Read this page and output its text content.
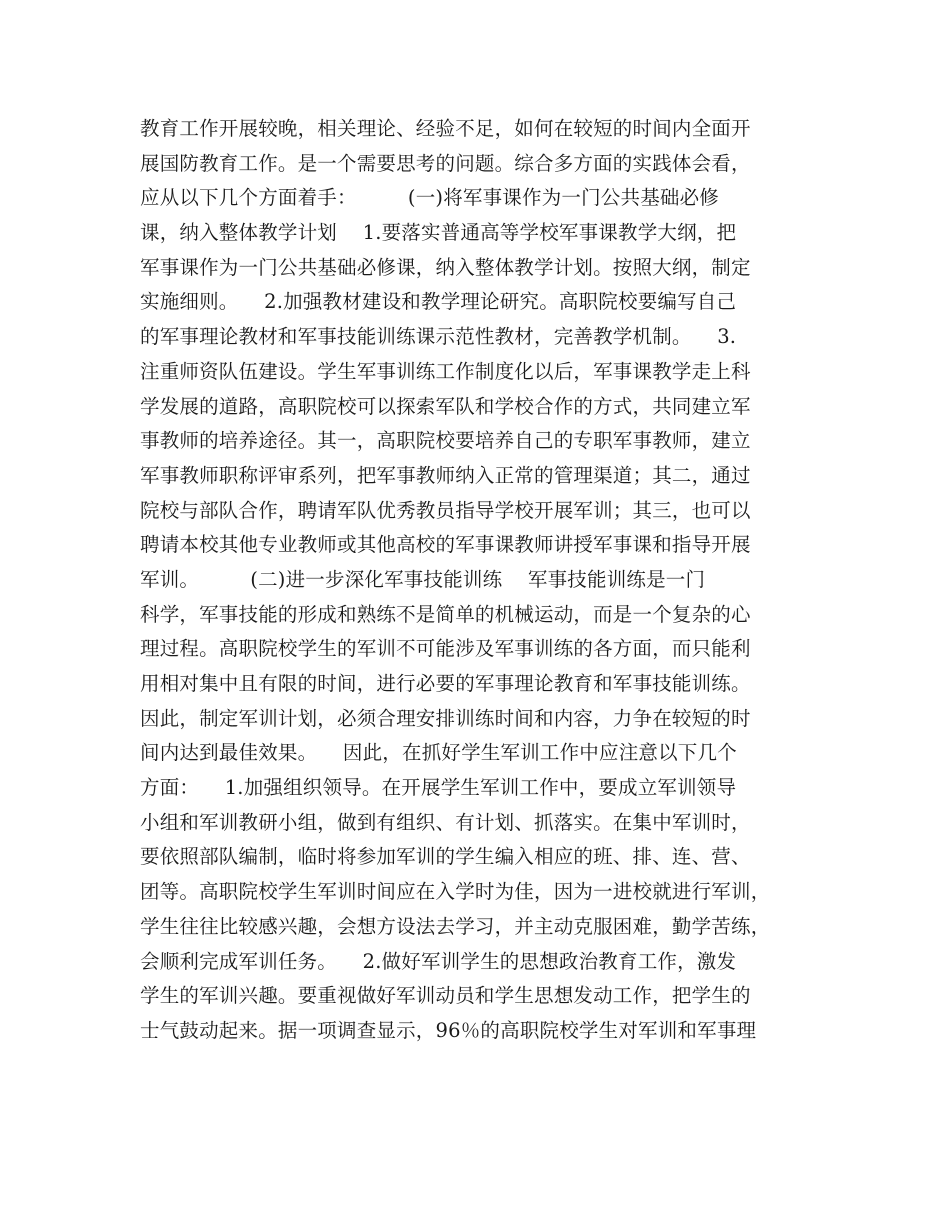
教育工作开展较晚，相关理论、经验不足，如何在较短的时间内全面开
展国防教育工作。是一个需要思考的问题。综合多方面的实践体会看，
应从以下几个方面着手：        (一)将军事课作为一门公共基础必修
课，纳入整体教学计划    1.要落实普通高等学校军事课教学大纲，把
军事课作为一门公共基础必修课，纳入整体教学计划。按照大纲，制定
实施细则。    2.加强教材建设和教学理论研究。高职院校要编写自己
的军事理论教材和军事技能训练课示范性教材，完善教学机制。    3.
注重师资队伍建设。学生军事训练工作制度化以后，军事课教学走上科
学发展的道路，高职院校可以探索军队和学校合作的方式，共同建立军
事教师的培养途径。其一，高职院校要培养自己的专职军事教师，建立
军事教师职称评审系列，把军事教师纳入正常的管理渠道；其二，通过
院校与部队合作，聘请军队优秀教员指导学校开展军训；其三，也可以
聘请本校其他专业教师或其他高校的军事课教师讲授军事课和指导开展
军训。        (二)进一步深化军事技能训练    军事技能训练是一门
科学，军事技能的形成和熟练不是简单的机械运动，而是一个复杂的心
理过程。高职院校学生的军训不可能涉及军事训练的各方面，而只能利
用相对集中且有限的时间，进行必要的军事理论教育和军事技能训练。
因此，制定军训计划，必须合理安排训练时间和内容，力争在较短的时
间内达到最佳效果。    因此，在抓好学生军训工作中应注意以下几个
方面：    1.加强组织领导。在开展学生军训工作中，要成立军训领导
小组和军训教研小组，做到有组织、有计划、抓落实。在集中军训时，
要依照部队编制，临时将参加军训的学生编入相应的班、排、连、营、
团等。高职院校学生军训时间应在入学时为佳，因为一进校就进行军训，
学生往往比较感兴趣，会想方设法去学习，并主动克服困难，勤学苦练，
会顺利完成军训任务。    2.做好军训学生的思想政治教育工作，激发
学生的军训兴趣。要重视做好军训动员和学生思想发动工作，把学生的
士气鼓动起来。据一项调查显示，96％的高职院校学生对军训和军事理
